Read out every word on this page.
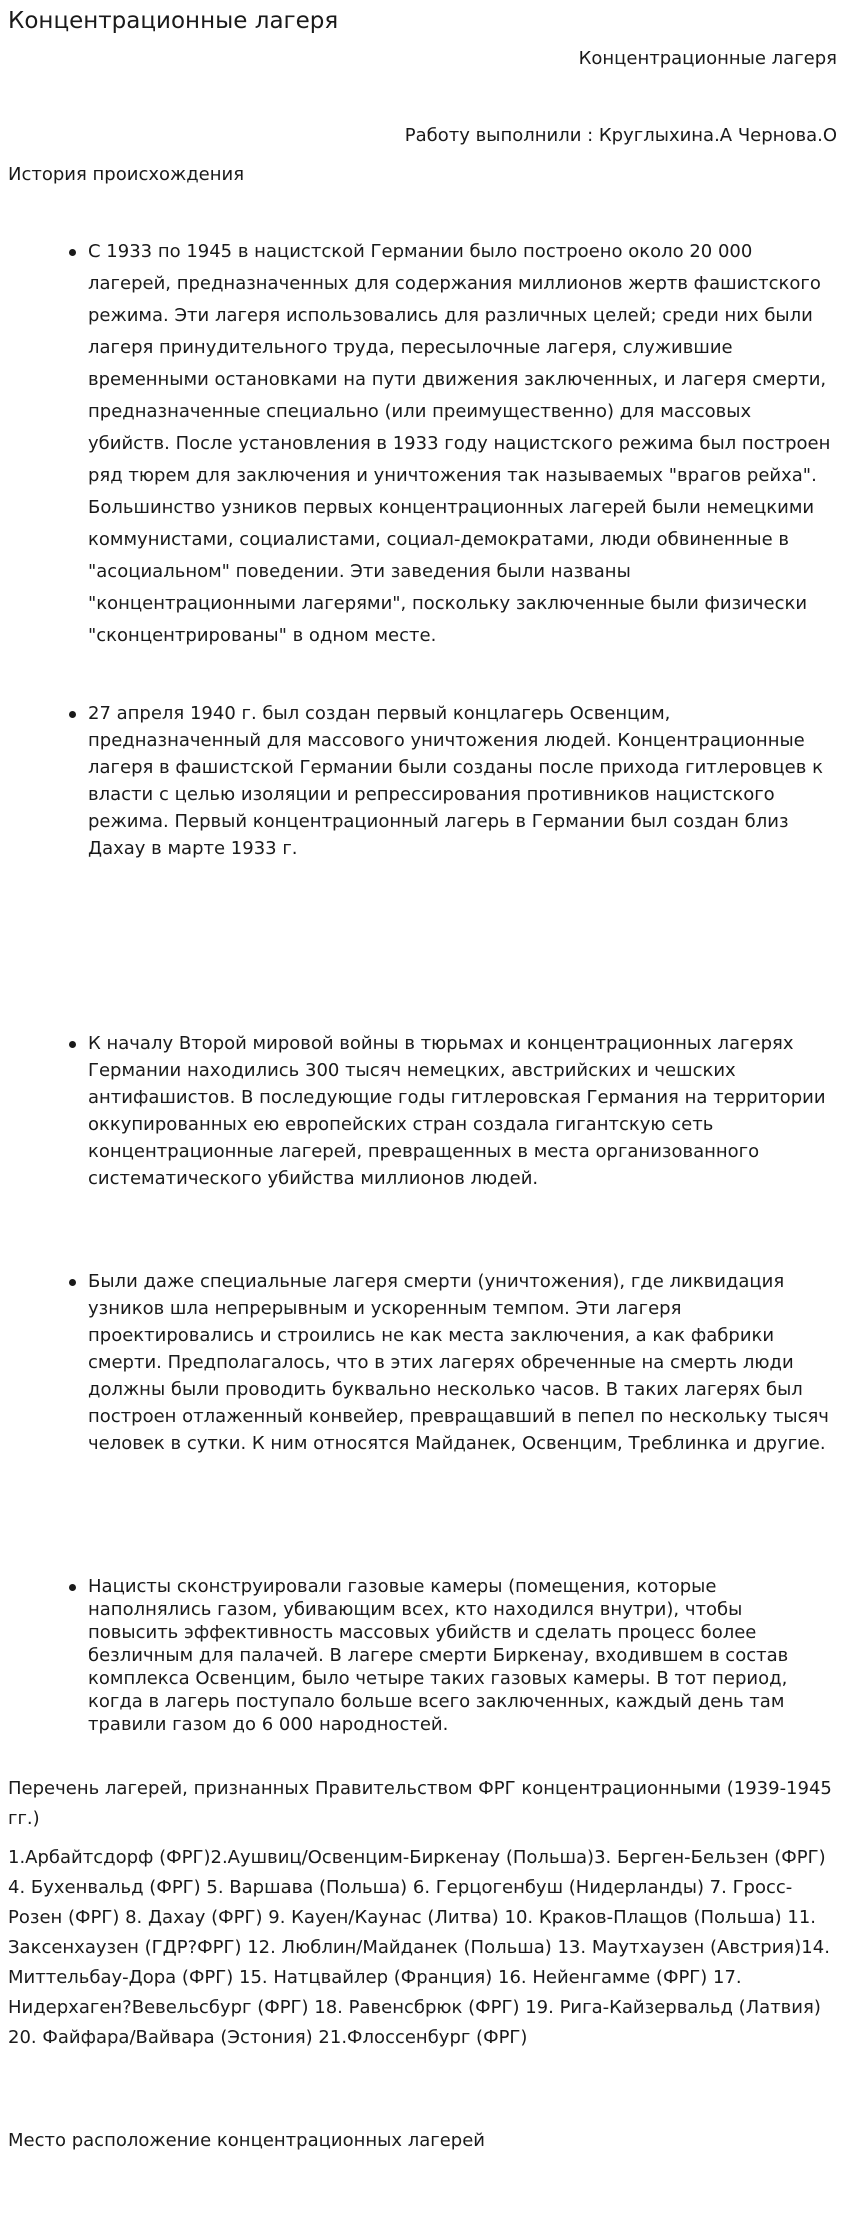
Концентрационные лагеря

Концентрационные лагеря

Работу выполнили : Круглыхина.А Чернова.О

История происхождения
С 1933 по 1945 в нацистской Германии было построено около 20 000 лагерей, предназначенных для содержания миллионов жертв фашистского режима. Эти лагеря использовались для различных целей; среди них были лагеря принудительного труда, пересылочные лагеря, служившие временными остановками на пути движения заключенных, и лагеря смерти, предназначенные специально (или преимущественно) для массовых убийств. После установления в 1933 году нацистского режима был построен ряд тюрем для заключения и уничтожения так называемых "врагов рейха".
Большинство узников первых концентрационных лагерей были немецкими коммунистами, социалистами, социал-демократами, люди обвиненные в "асоциальном" поведении. Эти заведения были названы "концентрационными лагерями", поскольку заключенные были физически "сконцентрированы" в одном месте.
27 апреля 1940 г. был создан первый концлагерь Освенцим, предназначенный для массового уничтожения людей. Концентрационные лагеря в фашистской Германии были созданы после прихода гитлеровцев к власти с целью изоляции и репрессирования противников нацистского режима. Первый концентрационный лагерь в Германии был создан близ Дахау в марте 1933 г.
К началу Второй мировой войны в тюрьмах и концентрационных лагерях Германии находились 300 тысяч немецких, австрийских и чешских антифашистов. В последующие годы гитлеровская Германия на территории оккупированных ею европейских стран создала гигантскую сеть концентрационные лагерей, превращенных в места организованного систематического убийства миллионов людей.
Были даже специальные лагеря смерти (уничтожения), где ликвидация узников шла непрерывным и ускоренным темпом. Эти лагеря проектировались и строились не как места заключения, а как фабрики смерти. Предполагалось, что в этих лагерях обреченные на смерть люди должны были проводить буквально несколько часов. В таких лагерях был построен отлаженный конвейер, превращавший в пепел по нескольку тысяч человек в сутки. К ним относятся Майданек, Освенцим, Треблинка и другие.
Нацисты сконструировали газовые камеры (помещения, которые наполнялись газом, убивающим всех, кто находился внутри), чтобы повысить эффективность массовых убийств и сделать процесс более безличным для палачей. В лагере смерти Биркенау, входившем в состав комплекса Освенцим, было четыре таких газовых камеры. В тот период, когда в лагерь поступало больше всего заключенных, каждый день там травили газом до 6 000 народностей.

Перечень лагерей, признанных Правительством ФРГ концентрационными (1939-1945 гг.)

1.Арбайтсдорф (ФРГ)2.Аушвиц/Освенцим-Биркенау (Польша)3. Берген-Бельзен (ФРГ) 4. Бухенвальд (ФРГ) 5. Варшава (Польша) 6. Герцогенбуш (Нидерланды) 7. Гросс-Розен (ФРГ) 8. Дахау (ФРГ) 9. Кауен/Каунас (Литва) 10. Краков-Плащов (Польша) 11. Заксенхаузен (ГДР?ФРГ) 12. Люблин/Майданек (Польша) 13. Маутхаузен (Австрия)14. Миттельбау-Дора (ФРГ) 15. Натцвайлер (Франция) 16. Нейенгамме (ФРГ) 17. Нидерхаген?Вевельсбург (ФРГ) 18. Равенсбрюк (ФРГ) 19. Рига-Кайзервальд (Латвия) 20. Файфара/Вайвара (Эстония) 21.Флоссенбург (ФРГ)

Место расположение концентрационных лагерей
